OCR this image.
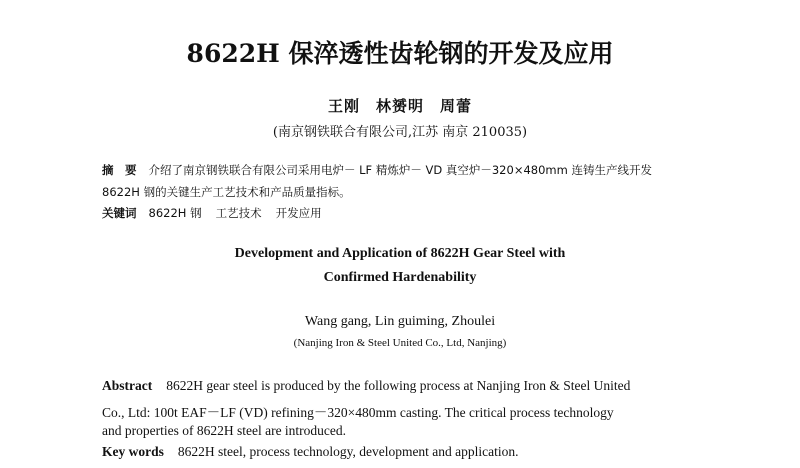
8622H 保淬透性齿轮钢的开发及应用
王刚　林赟明　周蕾
(南京钢铁联合有限公司,江苏 南京 210035)
摘　要 介绍了南京钢铁联合有限公司采用电炉－ LF 精炼炉－ VD 真空炉－320×480mm 连铸生产线开发
8622H 钢的关键生产工艺技术和产品质量指标。
关键词 8622H 钢 工艺技术 开发应用
Development and Application of 8622H Gear Steel with
Confirmed Hardenability
Wang gang, Lin guiming, Zhoulei
(Nanjing Iron & Steel United Co., Ltd, Nanjing)
Abstract 8622H gear steel is produced by the following process at Nanjing Iron & Steel United
Co., Ltd: 100t EAF－LF (VD) refining－320×480mm casting. The critical process technology
and properties of 8622H steel are introduced.
Key words 8622H steel, process technology, development and application.
